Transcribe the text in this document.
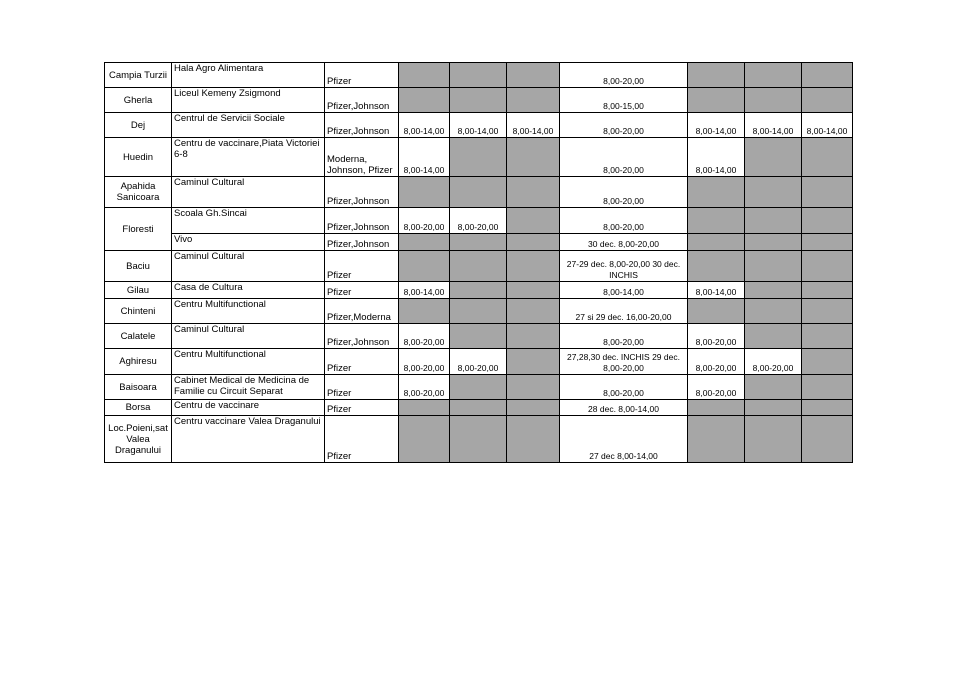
Campia Turzii	Hala Agro Alimentara	Pfizer				8,00-20,00			
Gherla	Liceul Kemeny Zsigmond	Pfizer,Johnson				8,00-15,00			
Dej	Centrul de Servicii Sociale	Pfizer,Johnson	8,00-14,00	8,00-14,00	8,00-14,00	8,00-20,00	8,00-14,00	8,00-14,00	8,00-14,00
Huedin	Centru de vaccinare,Piata Victoriei 6-8	Moderna, Johnson, Pfizer	8,00-14,00			8,00-20,00	8,00-14,00		
Apahida Sanicoara	Caminul Cultural	Pfizer,Johnson				8,00-20,00			
Floresti	Scoala Gh.Sincai	Pfizer,Johnson	8,00-20,00	8,00-20,00		8,00-20,00			
	Vivo	Pfizer,Johnson				30 dec. 8,00-20,00			
Baciu	Caminul Cultural	Pfizer				27-29 dec. 8,00-20,00 30 dec. INCHIS			
Gilau	Casa de Cultura	Pfizer	8,00-14,00			8,00-14,00	8,00-14,00		
Chinteni	Centru Multifunctional	Pfizer,Moderna				27 si 29 dec. 16,00-20,00			
Calatele	Caminul Cultural	Pfizer,Johnson	8,00-20,00			8,00-20,00	8,00-20,00		
Aghiresu	Centru Multifunctional	Pfizer	8,00-20,00	8,00-20,00		27,28,30 dec. INCHIS 29 dec. 8,00-20,00	8,00-20,00	8,00-20,00	
Baisoara	Cabinet Medical de Medicina de Familie cu Circuit Separat	Pfizer	8,00-20,00			8,00-20,00	8,00-20,00		
Borsa	Centru de vaccinare	Pfizer				28 dec. 8,00-14,00			
Loc.Poieni,sat Valea Draganului	Centru vaccinare Valea Draganului	Pfizer				27 dec 8,00-14,00			
